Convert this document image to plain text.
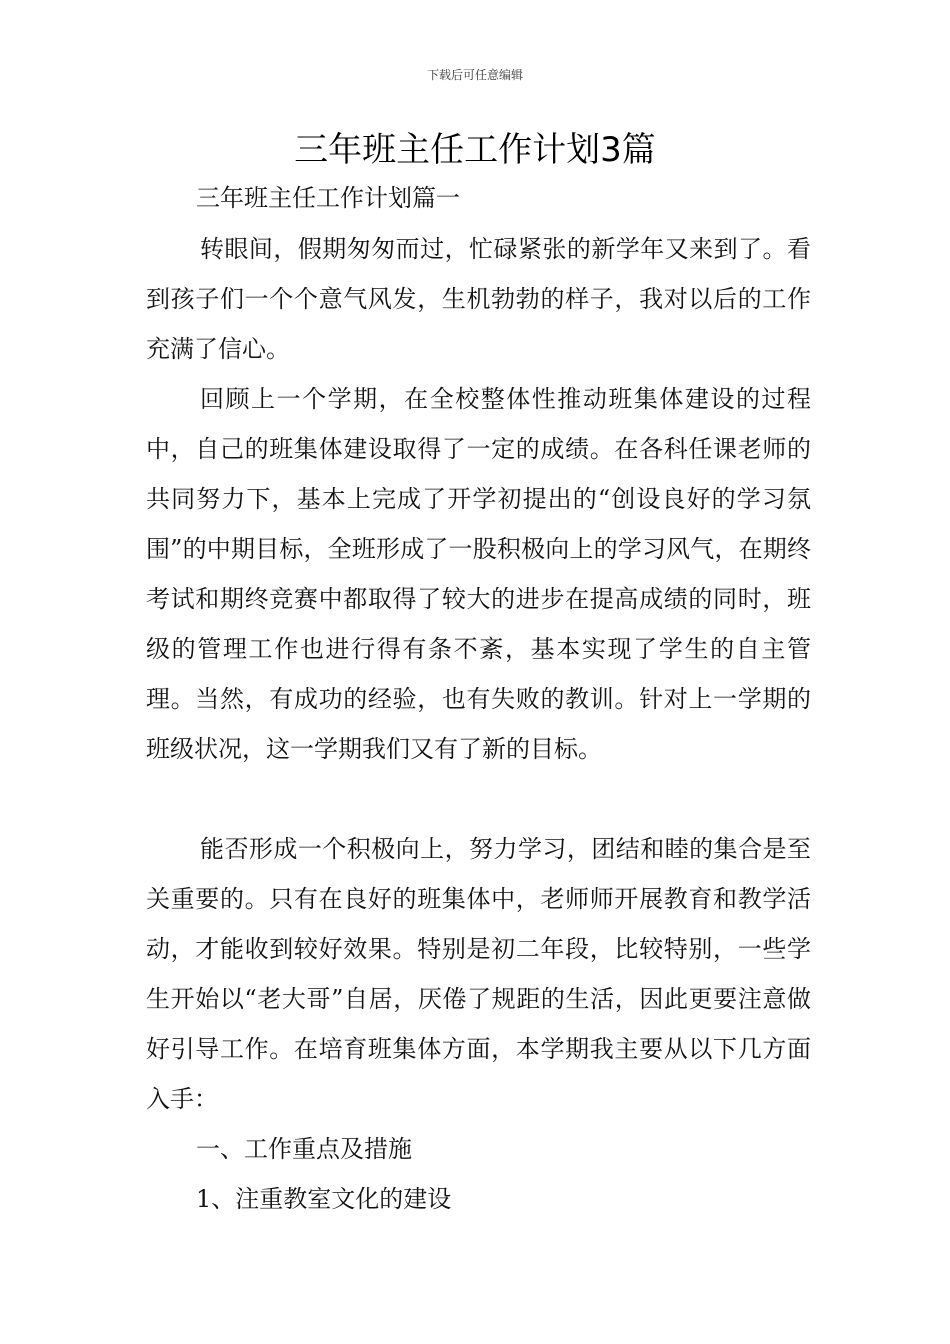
下载后可任意编辑
三年班主任工作计划3篇

三年班主任工作计划篇一

转眼间，假期匆匆而过，忙碌紧张的新学年又来到了。看到孩子们一个个意气风发，生机勃勃的样子，我对以后的工作充满了信心。

回顾上一个学期，在全校整体性推动班集体建设的过程中，自己的班集体建设取得了一定的成绩。在各科任课老师的共同努力下，基本上完成了开学初提出的“创设良好的学习氛围”的中期目标，全班形成了一股积极向上的学习风气，在期终考试和期终竞赛中都取得了较大的进步在提高成绩的同时，班级的管理工作也进行得有条不紊，基本实现了学生的自主管理。当然，有成功的经验，也有失败的教训。针对上一学期的班级状况，这一学期我们又有了新的目标。

能否形成一个积极向上，努力学习，团结和睦的集合是至关重要的。只有在良好的班集体中，老师师开展教育和教学活动，才能收到较好效果。特别是初二年段，比较特别，一些学生开始以“老大哥”自居，厌倦了规距的生活，因此更要注意做好引导工作。在培育班集体方面，本学期我主要从以下几方面入手：

一、工作重点及措施

1、注重教室文化的建设
